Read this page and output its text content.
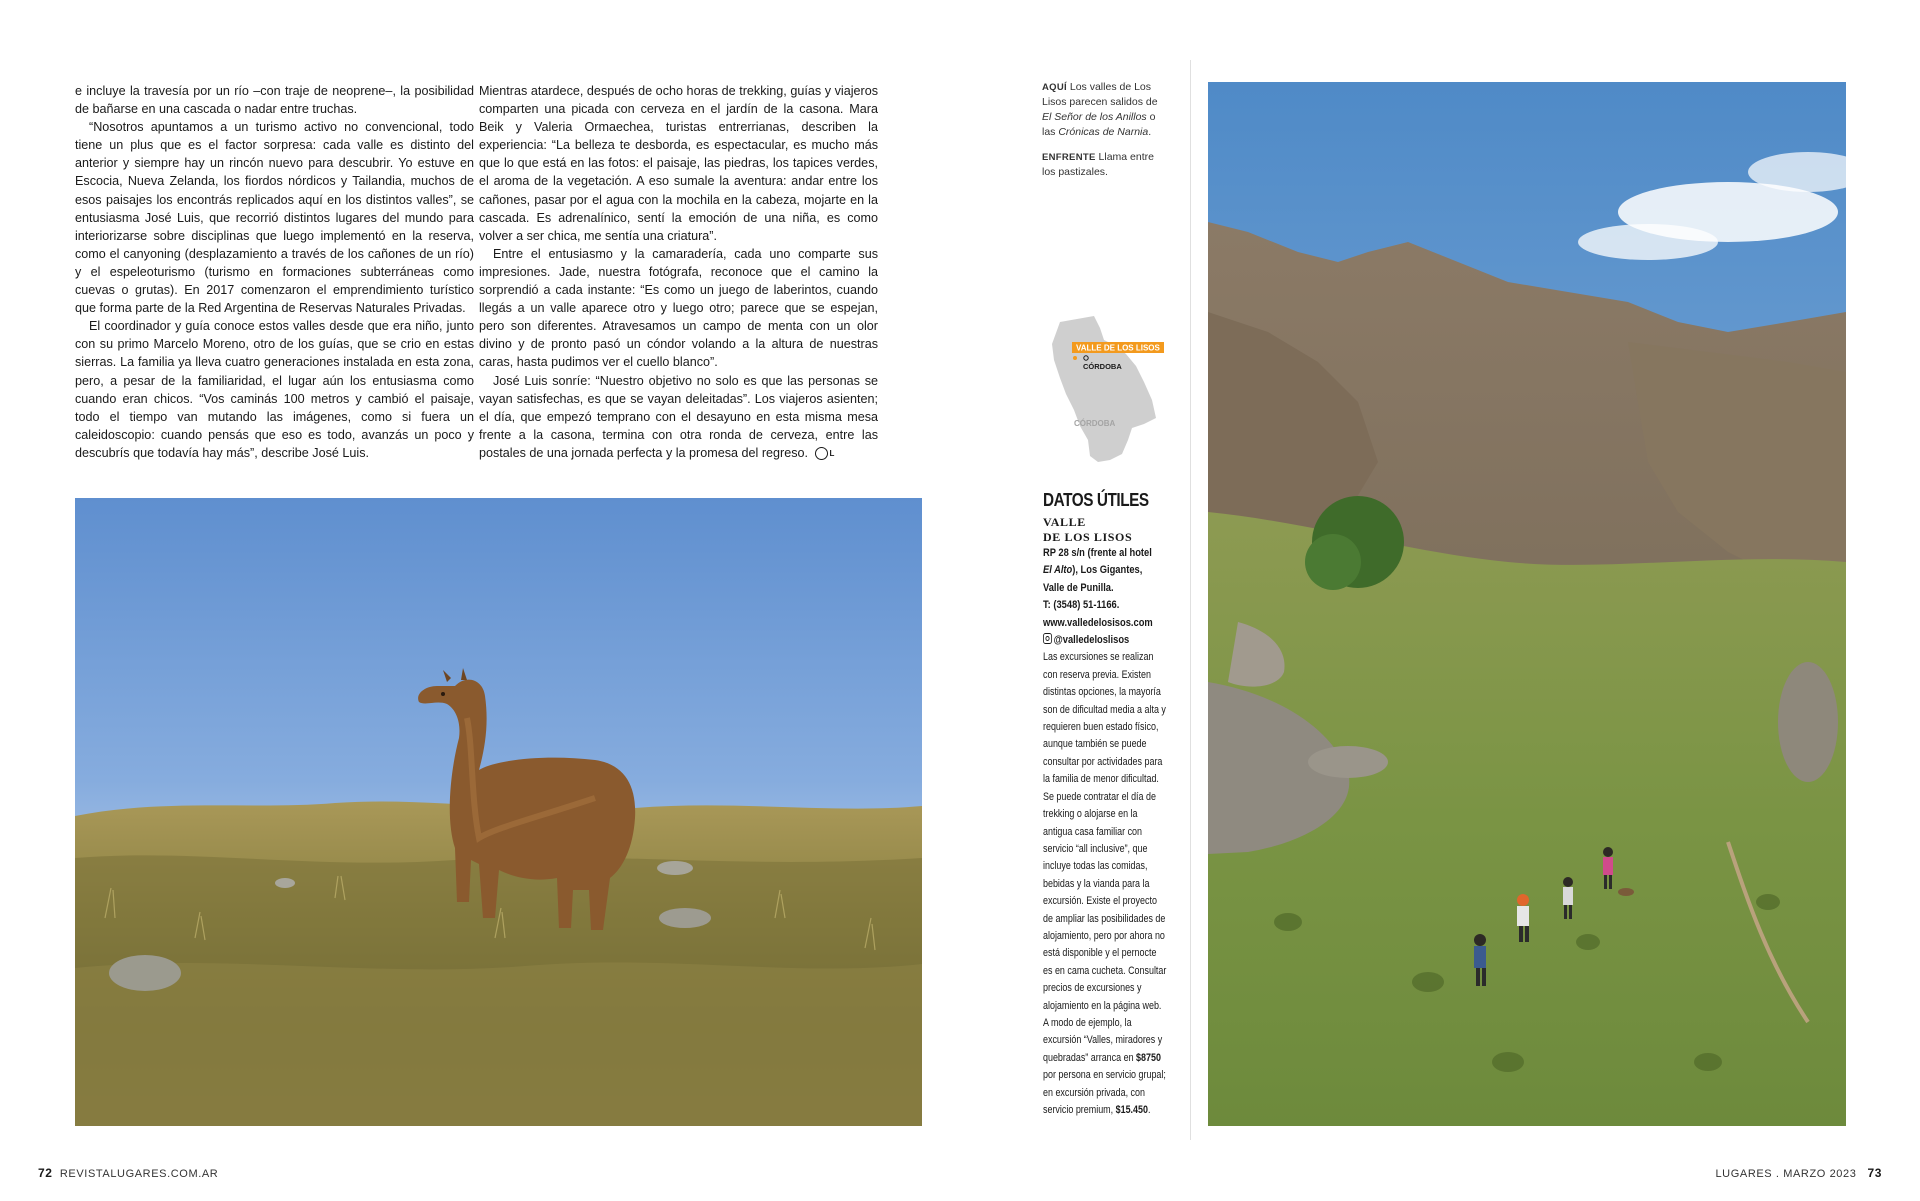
e incluye la travesía por un río –con traje de neoprene–, la posibilidad de bañarse en una cascada o nadar entre truchas.

“Nosotros apuntamos a un turismo activo no convencional, todo tiene un plus que es el factor sorpresa: cada valle es distinto del anterior y siempre hay un rincón nuevo para descubrir. Yo estuve en Escocia, Nueva Zelanda, los fiordos nórdicos y Tailandia, muchos de esos paisajes los encontrás replicados aquí en los distintos valles”, se entusiasma José Luis, que recorrió distintos lugares del mundo para interiorizarse sobre disciplinas que luego implementó en la reserva, como el canyoning (desplazamiento a través de los cañones de un río) y el espeleoturismo (turismo en formaciones subterráneas como cuevas o grutas). En 2017 comenzaron el emprendimiento turístico que forma parte de la Red Argentina de Reservas Naturales Privadas.

El coordinador y guía conoce estos valles desde que era niño, junto con su primo Marcelo Moreno, otro de los guías, que se crio en estas sierras. La familia ya lleva cuatro generaciones instalada en esta zona, pero, a pesar de la familiaridad, el lugar aún los entusiasma como cuando eran chicos. “Vos caminás 100 metros y cambió el paisaje, todo el tiempo van mutando las imágenes, como si fuera un caleidoscopio: cuando pensás que eso es todo, avanzás un poco y descubrís que todavía hay más”, describe José Luis.

Mientras atardece, después de ocho horas de trekking, guías y viajeros comparten una picada con cerveza en el jardín de la casona. Mara Beik y Valeria Ormaechea, turistas entrerrianas, describen la experiencia: “La belleza te desborda, es espectacular, es mucho más que lo que está en las fotos: el paisaje, las piedras, los tapices verdes, el aroma de la vegetación. A eso sumale la aventura: andar entre los cañones, pasar por el agua con la mochila en la cabeza, mojarte en la cascada. Es adrenalínico, sentí la emoción de una niña, es como volver a ser chica, me sentía una criatura”.

Entre el entusiasmo y la camaradería, cada uno comparte sus impresiones. Jade, nuestra fotógrafa, reconoce que el camino la sorprendió a cada instante: “Es como un juego de laberintos, cuando llegás a un valle aparece otro y luego otro; parece que se espejan, pero son diferentes. Atravesamos un campo de menta con un olor divino y de pronto pasó un cóndor volando a la altura de nuestras caras, hasta pudimos ver el cuello blanco”.

José Luis sonríe: “Nuestro objetivo no solo es que las personas se vayan satisfechas, es que se vayan deleitadas”. Los viajeros asienten; el día, que empezó temprano con el desayuno en esta misma mesa frente a la casona, termina con otra ronda de cerveza, entre las postales de una jornada perfecta y la promesa del regreso.	L

AQUÍ Los valles de Los Lisos parecen salidos de El Señor de los Anillos o las Crónicas de Narnia.

ENFRENTE Llama entre los pastizales.

VALLE DE LOS LISOS
CÓRDOBA
CÓRDOBA
DATOS ÚTILES
VALLE
DE LOS LISOS
RP 28 s/n (frente al hotel
El Alto), Los Gigantes,
Valle de Punilla.
T: (3548) 51-1166.
www.valledelosisos.com
@valledeloslisos
Las excursiones se realizan con reserva previa. Existen distintas opciones, la mayoría son de dificultad media a alta y requieren buen estado físico, aunque también se puede consultar por actividades para la familia de menor dificultad. Se puede contratar el día de trekking o alojarse en la antigua casa familiar con servicio “all inclusive”, que incluye todas las comidas, bebidas y la vianda para la excursión. Existe el proyecto de ampliar las posibilidades de alojamiento, pero por ahora no está disponible y el pernocte es en cama cucheta. Consultar precios de excursiones y alojamiento en la página web. A modo de ejemplo, la excursión “Valles, miradores y quebradas” arranca en $8750 por persona en servicio grupal; en excursión privada, con servicio premium, $15.450.
72 REVISTALUGARES.COM.AR	LUGARES . MARZO 2023 73
